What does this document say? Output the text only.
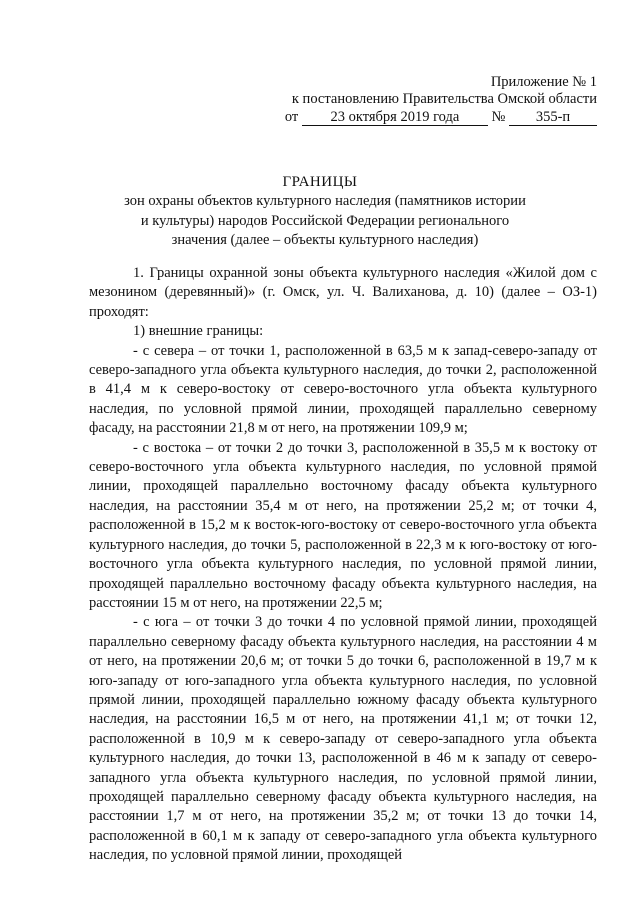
Приложение № 1
к постановлению Правительства Омской области
от 23 октября 2019 года № 355-п
ГРАНИЦЫ
зон охраны объектов культурного наследия (памятников истории и культуры) народов Российской Федерации регионального значения (далее – объекты культурного наследия)

1. Границы охранной зоны объекта культурного наследия «Жилой дом с мезонином (деревянный)» (г. Омск, ул. Ч. Валиханова, д. 10) (далее – ОЗ-1) проходят:

1) внешние границы:

- с севера – от точки 1, расположенной в 63,5 м к запад-северо-западу от северо-западного угла объекта культурного наследия, до точки 2, расположенной в 41,4 м к северо-востоку от северо-восточного угла объекта культурного наследия, по условной прямой линии, проходящей параллельно северному фасаду, на расстоянии 21,8 м от него, на протяжении 109,9 м;

- с востока – от точки 2 до точки 3, расположенной в 35,5 м к востоку от северо-восточного угла объекта культурного наследия, по условной прямой линии, проходящей параллельно восточному фасаду объекта культурного наследия, на расстоянии 35,4 м от него, на протяжении 25,2 м; от точки 4, расположенной в 15,2 м к восток-юго-востоку от северо-восточного угла объекта культурного наследия, до точки 5, расположенной в 22,3 м к юго-востоку от юго-восточного угла объекта культурного наследия, по условной прямой линии, проходящей параллельно восточному фасаду объекта культурного наследия, на расстоянии 15 м от него, на протяжении 22,5 м;

- с юга – от точки 3 до точки 4 по условной прямой линии, проходящей параллельно северному фасаду объекта культурного наследия, на расстоянии 4 м от него, на протяжении 20,6 м; от точки 5 до точки 6, расположенной в 19,7 м к юго-западу от юго-западного угла объекта культурного наследия, по условной прямой линии, проходящей параллельно южному фасаду объекта культурного наследия, на расстоянии 16,5 м от него, на протяжении 41,1 м; от точки 12, расположенной в 10,9 м к северо-западу от северо-западного угла объекта культурного наследия, до точки 13, расположенной в 46 м к западу от северо-западного угла объекта культурного наследия, по условной прямой линии, проходящей параллельно северному фасаду объекта культурного наследия, на расстоянии 1,7 м от него, на протяжении 35,2 м; от точки 13 до точки 14, расположенной в 60,1 м к западу от северо-западного угла объекта культурного наследия, по условной прямой линии, проходящей
